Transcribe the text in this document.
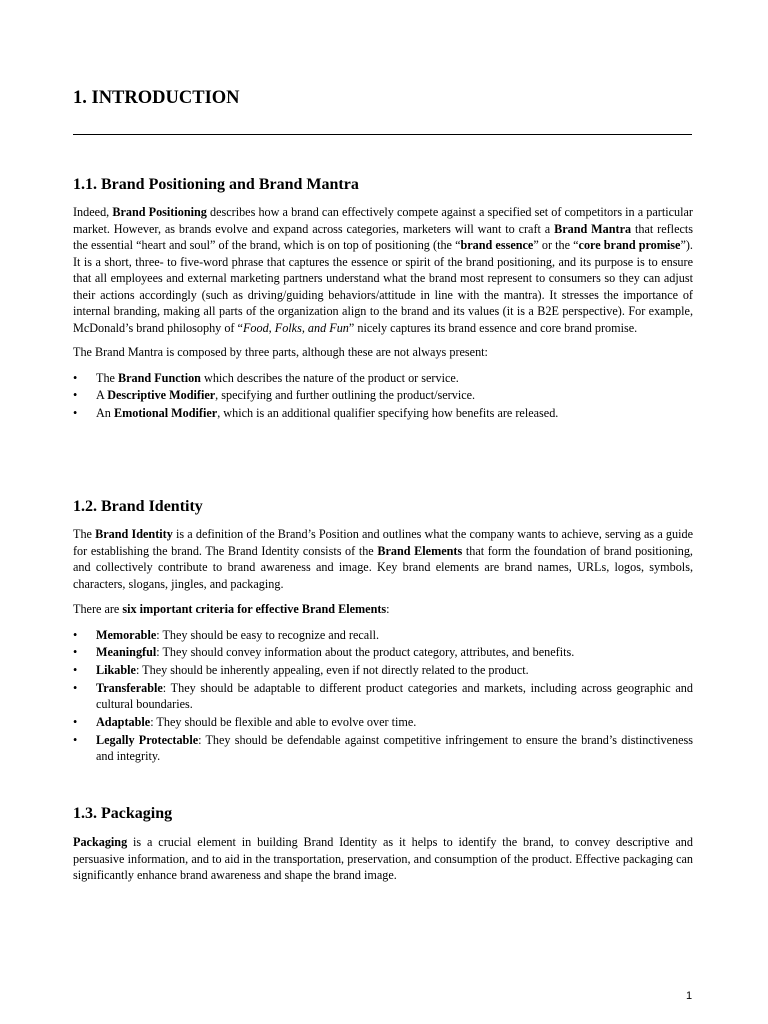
1. INTRODUCTION
1.1. Brand Positioning and Brand Mantra

Indeed, Brand Positioning describes how a brand can effectively compete against a specified set of competitors in a particular market. However, as brands evolve and expand across categories, marketers will want to craft a Brand Mantra that reflects the essential “heart and soul” of the brand, which is on top of positioning (the “brand essence” or the “core brand promise”). It is a short, three- to five-word phrase that captures the essence or spirit of the brand positioning, and its purpose is to ensure that all employees and external marketing partners understand what the brand most represent to consumers so they can adjust their actions accordingly (such as driving/guiding behaviors/attitude in line with the mantra). It stresses the importance of internal branding, making all parts of the organization align to the brand and its values (it is a B2E perspective). For example, McDonald’s brand philosophy of “Food, Folks, and Fun” nicely captures its brand essence and core brand promise.

The Brand Mantra is composed by three parts, although these are not always present:

• The Brand Function which describes the nature of the product or service.
• A Descriptive Modifier, specifying and further outlining the product/service.
• An Emotional Modifier, which is an additional qualifier specifying how benefits are released.
1.2. Brand Identity

The Brand Identity is a definition of the Brand’s Position and outlines what the company wants to achieve, serving as a guide for establishing the brand. The Brand Identity consists of the Brand Elements that form the foundation of brand positioning, and collectively contribute to brand awareness and image. Key brand elements are brand names, URLs, logos, symbols, characters, slogans, jingles, and packaging.

There are six important criteria for effective Brand Elements:

• Memorable: They should be easy to recognize and recall.
• Meaningful: They should convey information about the product category, attributes, and benefits.
• Likable: They should be inherently appealing, even if not directly related to the product.
• Transferable: They should be adaptable to different product categories and markets, including across geographic and cultural boundaries.
• Adaptable: They should be flexible and able to evolve over time.
• Legally Protectable: They should be defendable against competitive infringement to ensure the brand’s distinctiveness and integrity.
1.3. Packaging

Packaging is a crucial element in building Brand Identity as it helps to identify the brand, to convey descriptive and persuasive information, and to aid in the transportation, preservation, and consumption of the product. Effective packaging can significantly enhance brand awareness and shape the brand image.

1
